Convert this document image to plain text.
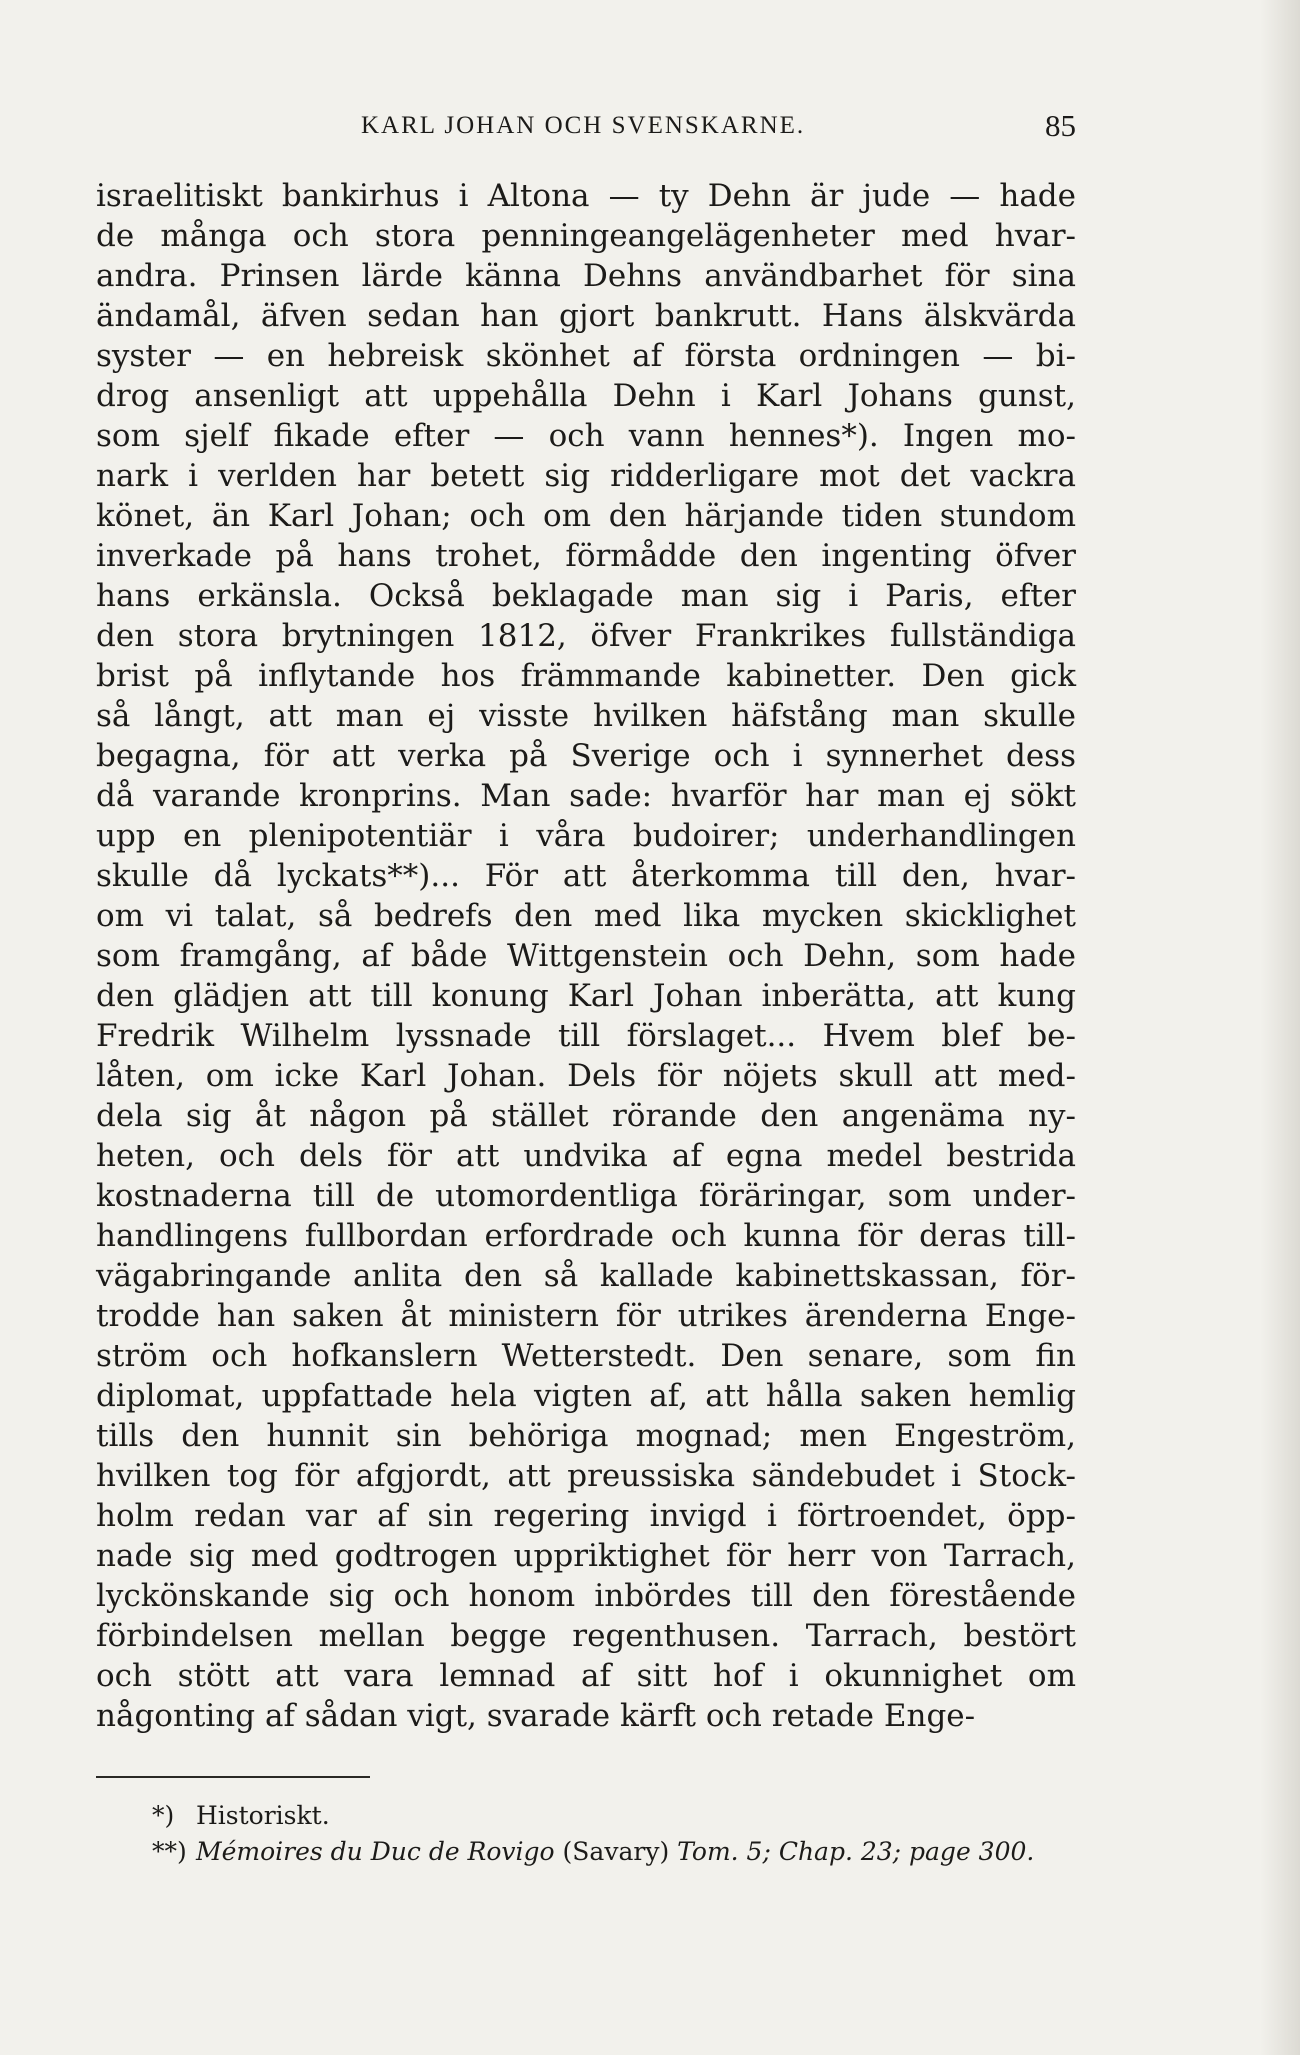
KARL JOHAN OCH SVENSKARNE.	85
israelitiskt bankirhus i Altona — ty Dehn är jude — hade
de många och stora penningeangelägenheter med hvar-
andra. Prinsen lärde känna Dehns användbarhet för sina
ändamål, äfven sedan han gjort bankrutt. Hans älskvärda
syster — en hebreisk skönhet af första ordningen — bi-
drog ansenligt att uppehålla Dehn i Karl Johans gunst,
som sjelf fikade efter — och vann hennes*). Ingen mo-
nark i verlden har betett sig ridderligare mot det vackra
könet, än Karl Johan; och om den härjande tiden stundom
inverkade på hans trohet, förmådde den ingenting öfver
hans erkänsla. Också beklagade man sig i Paris, efter
den stora brytningen 1812, öfver Frankrikes fullständiga
brist på inflytande hos främmande kabinetter. Den gick
så långt, att man ej visste hvilken häfstång man skulle
begagna, för att verka på Sverige och i synnerhet dess
då varande kronprins. Man sade: hvarför har man ej sökt
upp en plenipotentiär i våra budoirer; underhandlingen
skulle då lyckats**)... För att återkomma till den, hvar-
om vi talat, så bedrefs den med lika mycken skicklighet
som framgång, af både Wittgenstein och Dehn, som hade
den glädjen att till konung Karl Johan inberätta, att kung
Fredrik Wilhelm lyssnade till förslaget... Hvem blef be-
låten, om icke Karl Johan. Dels för nöjets skull att med-
dela sig åt någon på stället rörande den angenäma ny-
heten, och dels för att undvika af egna medel bestrida
kostnaderna till de utomordentliga föräringar, som under-
handlingens fullbordan erfordrade och kunna för deras till-
vägabringande anlita den så kallade kabinettskassan, för-
trodde han saken åt ministern för utrikes ärenderna Enge-
ström och hofkanslern Wetterstedt. Den senare, som fin
diplomat, uppfattade hela vigten af, att hålla saken hemlig
tills den hunnit sin behöriga mognad; men Engeström,
hvilken tog för afgjordt, att preussiska sändebudet i Stock-
holm redan var af sin regering invigd i förtroendet, öpp-
nade sig med godtrogen uppriktighet för herr von Tarrach,
lyckönskande sig och honom inbördes till den förestående
förbindelsen mellan begge regenthusen. Tarrach, bestört
och stött att vara lemnad af sitt hof i okunnighet om
någonting af sådan vigt, svarade kärft och retade Enge-
*) Historiskt.
**) Mémoires du Duc de Rovigo (Savary) Tom. 5; Chap. 23; page 300.
